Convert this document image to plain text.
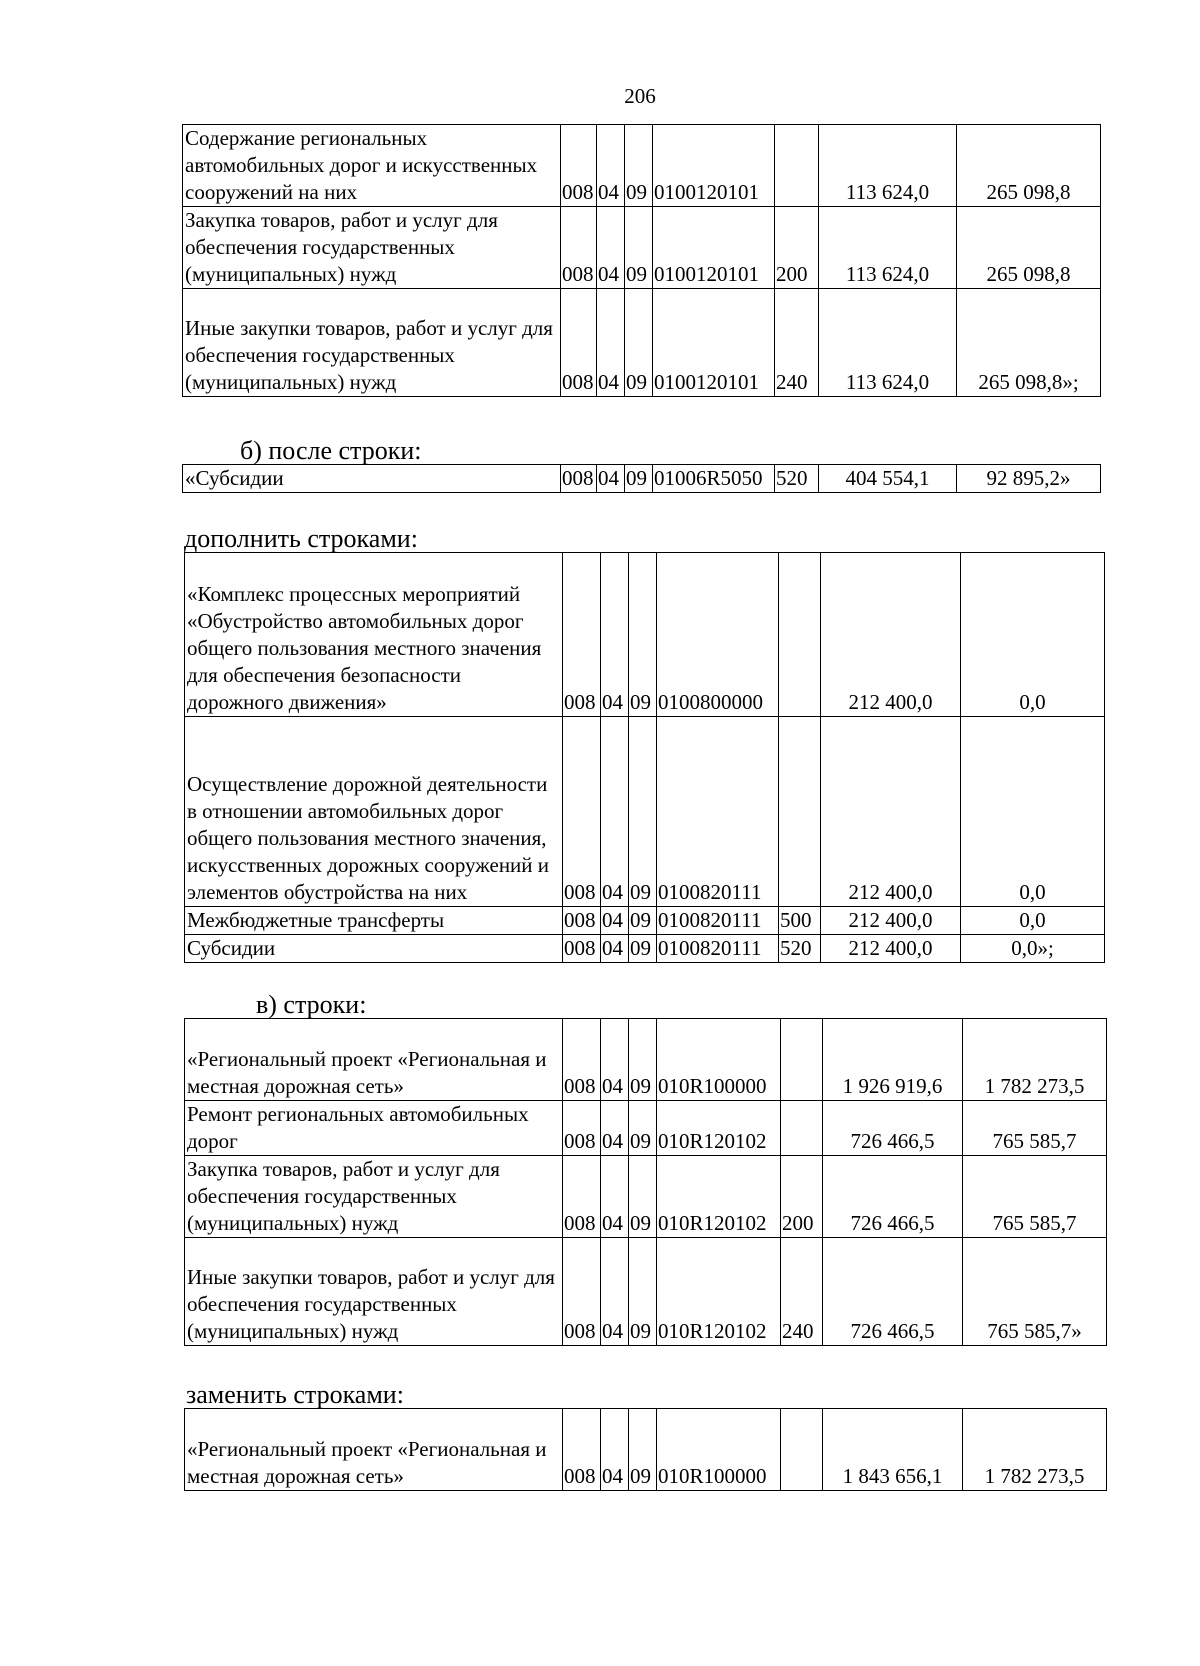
206
Содержание региональных автомобильных дорог и искусственных сооружений на них	008	04	09	0100120101		113 624,0	265 098,8
Закупка товаров, работ и услуг для обеспечения государственных (муниципальных) нужд	008	04	09	0100120101	200	113 624,0	265 098,8
Иные закупки товаров, работ и услуг для обеспечения государственных (муниципальных) нужд	008	04	09	0100120101	240	113 624,0	265 098,8»;
б) после строки:
«Субсидии	008	04	09	01006R5050	520	404 554,1	92 895,2»
дополнить строками:
«Комплекс процессных мероприятий «Обустройство автомобильных дорог общего пользования местного значения для обеспечения безопасности дорожного движения»	008	04	09	0100800000		212 400,0	0,0
Осуществление дорожной деятельности в отношении автомобильных дорог общего пользования местного значения, искусственных дорожных сооружений и элементов обустройства на них	008	04	09	0100820111		212 400,0	0,0
Межбюджетные трансферты	008	04	09	0100820111	500	212 400,0	0,0
Субсидии	008	04	09	0100820111	520	212 400,0	0,0»;
в) строки:
«Региональный проект «Региональная и местная дорожная сеть»	008	04	09	010R100000		1 926 919,6	1 782 273,5
Ремонт региональных автомобильных дорог	008	04	09	010R120102		726 466,5	765 585,7
Закупка товаров, работ и услуг для обеспечения государственных (муниципальных) нужд	008	04	09	010R120102	200	726 466,5	765 585,7
Иные закупки товаров, работ и услуг для обеспечения государственных (муниципальных) нужд	008	04	09	010R120102	240	726 466,5	765 585,7»
заменить строками:
«Региональный проект «Региональная и местная дорожная сеть»	008	04	09	010R100000		1 843 656,1	1 782 273,5
